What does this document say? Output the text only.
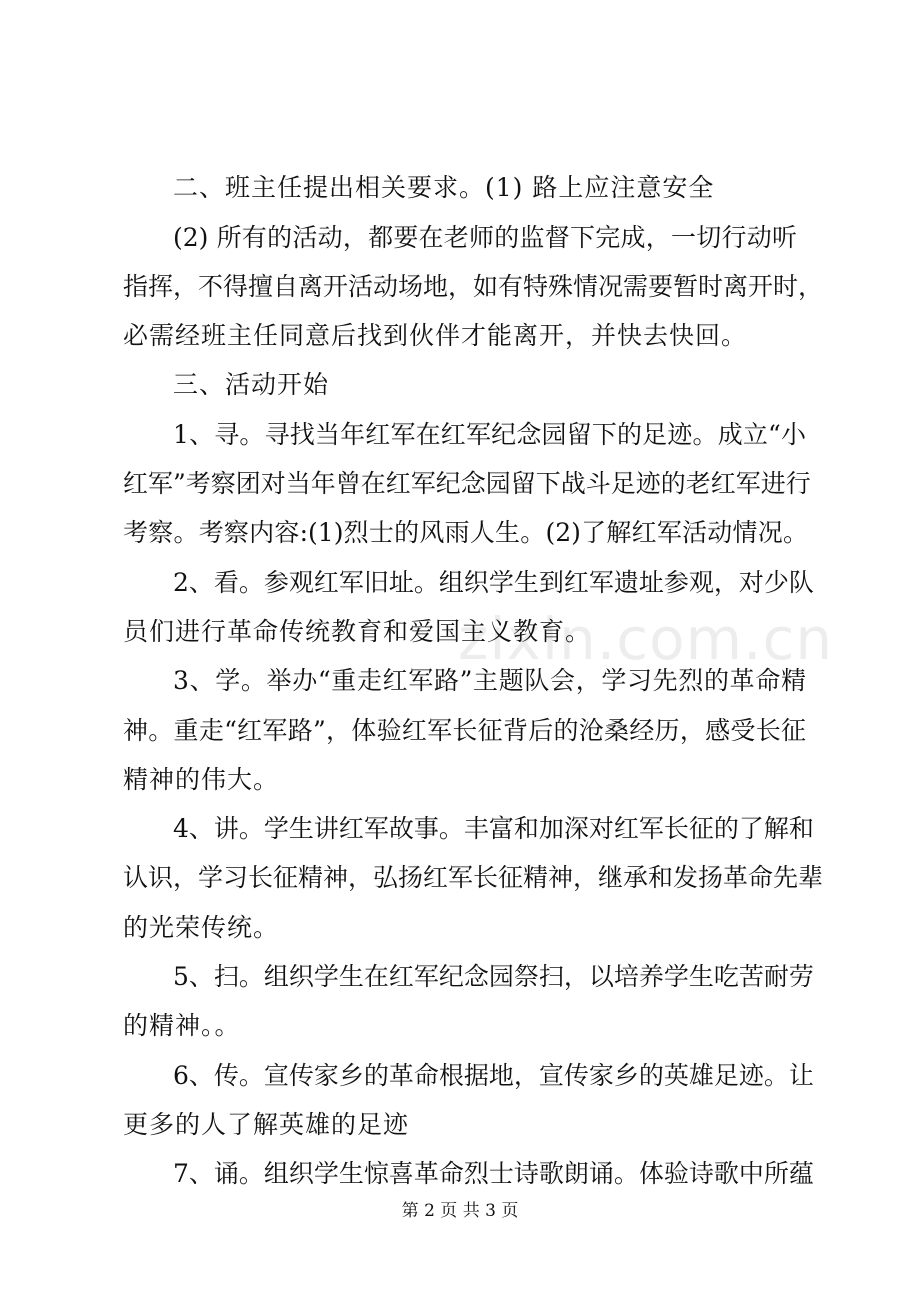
二、班主任提出相关要求。(1) 路上应注意安全
(2) 所有的活动，都要在老师的监督下完成，一切行动听
指挥，不得擅自离开活动场地，如有特殊情况需要暂时离开时，
必需经班主任同意后找到伙伴才能离开，并快去快回。
三、活动开始
1、寻。寻找当年红军在红军纪念园留下的足迹。成立“小
红军”考察团对当年曾在红军纪念园留下战斗足迹的老红军进行
考察。考察内容:(1)烈士的风雨人生。(2)了解红军活动情况。
2、看。参观红军旧址。组织学生到红军遗址参观，对少队
员们进行革命传统教育和爱国主义教育。
3、学。举办“重走红军路”主题队会，学习先烈的革命精
神。重走“红军路”，体验红军长征背后的沧桑经历，感受长征
精神的伟大。
4、讲。学生讲红军故事。丰富和加深对红军长征的了解和
认识，学习长征精神，弘扬红军长征精神，继承和发扬革命先辈
的光荣传统。
5、扫。组织学生在红军纪念园祭扫，以培养学生吃苦耐劳
的精神。。
6、传。宣传家乡的革命根据地，宣传家乡的英雄足迹。让
更多的人了解英雄的足迹
7、诵。组织学生惊喜革命烈士诗歌朗诵。体验诗歌中所蕴
zixin.com.cn
第 2 页 共 3 页
